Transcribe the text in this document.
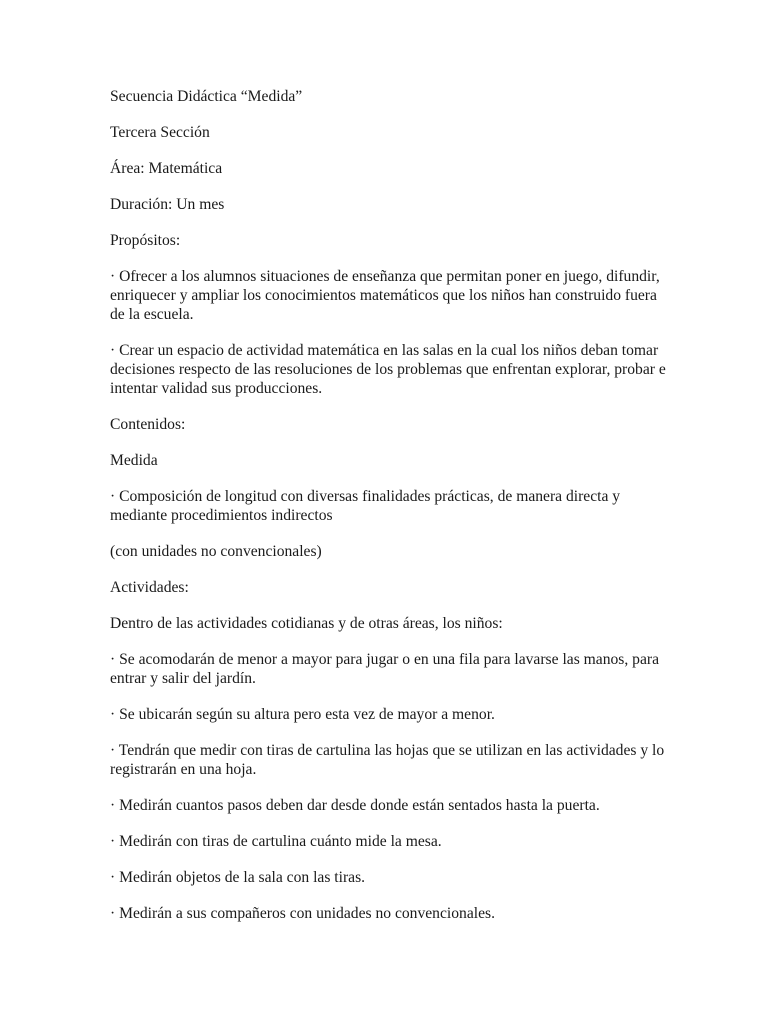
Secuencia Didáctica “Medida”

Tercera Sección

Área: Matemática

Duración: Un mes

Propósitos:

· Ofrecer a los alumnos situaciones de enseñanza que permitan poner en juego, difundir, enriquecer y ampliar los conocimientos matemáticos que los niños han construido fuera de la escuela.

· Crear un espacio de actividad matemática en las salas en la cual los niños deban tomar decisiones respecto de las resoluciones de los problemas que enfrentan explorar, probar e intentar validad sus producciones.

Contenidos:

Medida

· Composición de longitud con diversas finalidades prácticas, de manera directa y mediante procedimientos indirectos

(con unidades no convencionales)

Actividades:

Dentro de las actividades cotidianas y de otras áreas, los niños:

· Se acomodarán de menor a mayor para jugar o en una fila para lavarse las manos, para entrar y salir del jardín.

· Se ubicarán según su altura pero esta vez de mayor a menor.

· Tendrán que medir con tiras de cartulina las hojas que se utilizan en las actividades y lo registrarán en una hoja.

· Medirán cuantos pasos deben dar desde donde están sentados hasta la puerta.

· Medirán con tiras de cartulina cuánto mide la mesa.

· Medirán objetos de la sala con las tiras.

· Medirán a sus compañeros con unidades no convencionales.
